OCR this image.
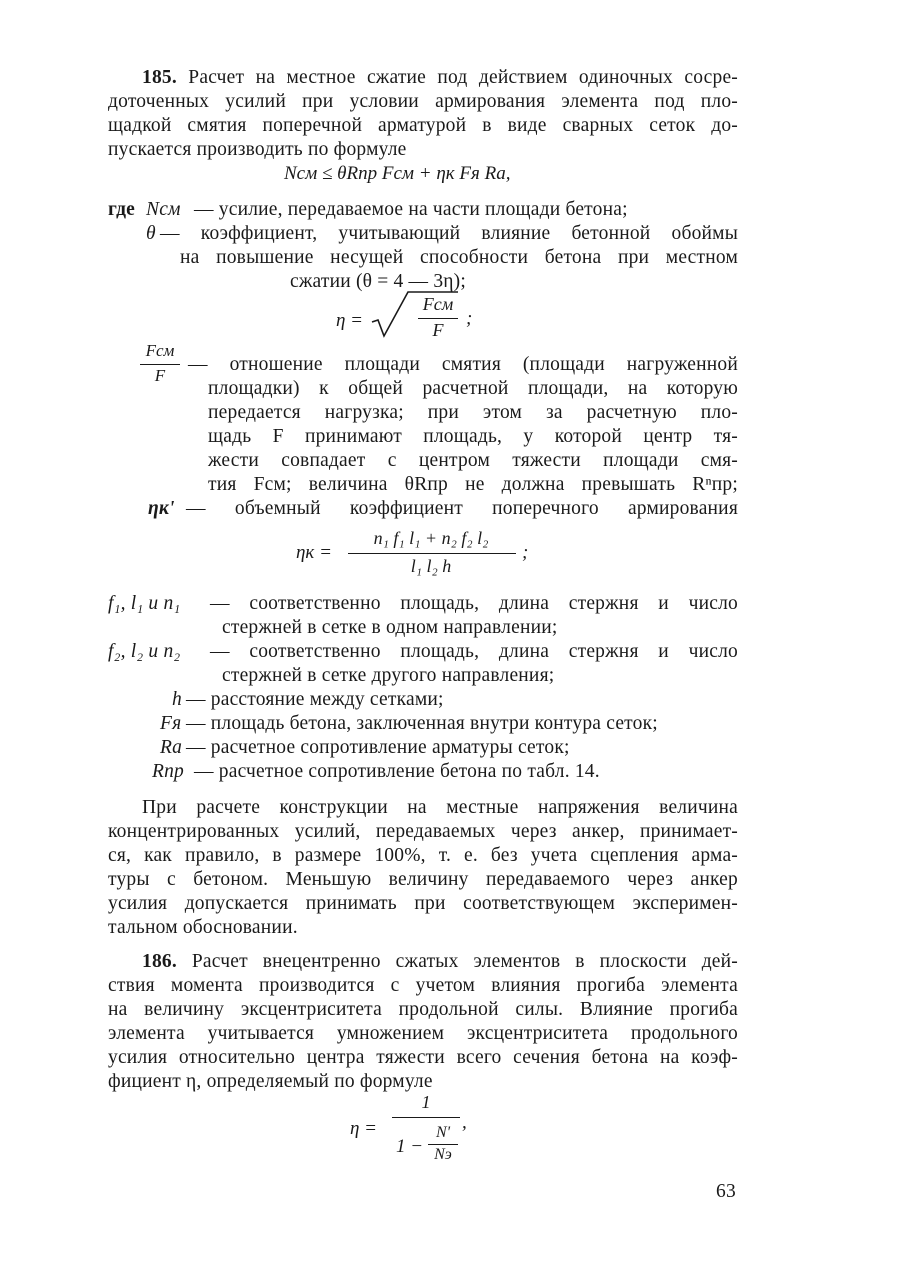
185. Расчет на местное сжатие под действием одиночных сосре-
доточенных усилий при условии армирования элемента под пло-
щадкой смятия поперечной арматурой в виде сварных сеток до-
пускается производить по формуле
Nсм ≤ θRпр Fсм + ηк Fя Rа,
где Nсм — усилие, передаваемое на части площади бетона;
θ — коэффициент, учитывающий влияние бетонной обоймы
на повышение несущей способности бетона при местном
сжатии (θ = 4 — 3η);
η =
Fсм
F
;
Fсм
F
— отношение площади смятия (площади нагруженной
площадки) к общей расчетной площади, на которую
передается нагрузка; при этом за расчетную пло-
щадь F принимают площадь, у которой центр тя-
жести совпадает с центром тяжести площади смя-
тия Fсм; величина θRпр не должна превышать Rⁿпр;
ηк' — объемный коэффициент поперечного армирования
ηк =
n₁ f₁ l₁ + n₂ f₂ l₂
l₁ l₂ h
;
f₁, l₁ и n₁ — соответственно площадь, длина стержня и число
стержней в сетке в одном направлении;
f₂, l₂ и n₂ — соответственно площадь, длина стержня и число
стержней в сетке другого направления;
h — расстояние между сетками;
Fя — площадь бетона, заключенная внутри контура сеток;
Rа — расчетное сопротивление арматуры сеток;
Rпр — расчетное сопротивление бетона по табл. 14.
При расчете конструкции на местные напряжения величина
концентрированных усилий, передаваемых через анкер, принимает-
ся, как правило, в размере 100%, т. е. без учета сцепления арма-
туры с бетоном. Меньшую величину передаваемого через анкер
усилия допускается принимать при соответствующем эксперимен-
тальном обосновании.
186. Расчет внецентренно сжатых элементов в плоскости дей-
ствия момента производится с учетом влияния прогиба элемента
на величину эксцентриситета продольной силы. Влияние прогиба
элемента учитывается умножением эксцентриситета продольного
усилия относительно центра тяжести всего сечения бетона на коэф-
фициент η, определяемый по формуле
η =
1
1 −
N'
Nэ
,
63
